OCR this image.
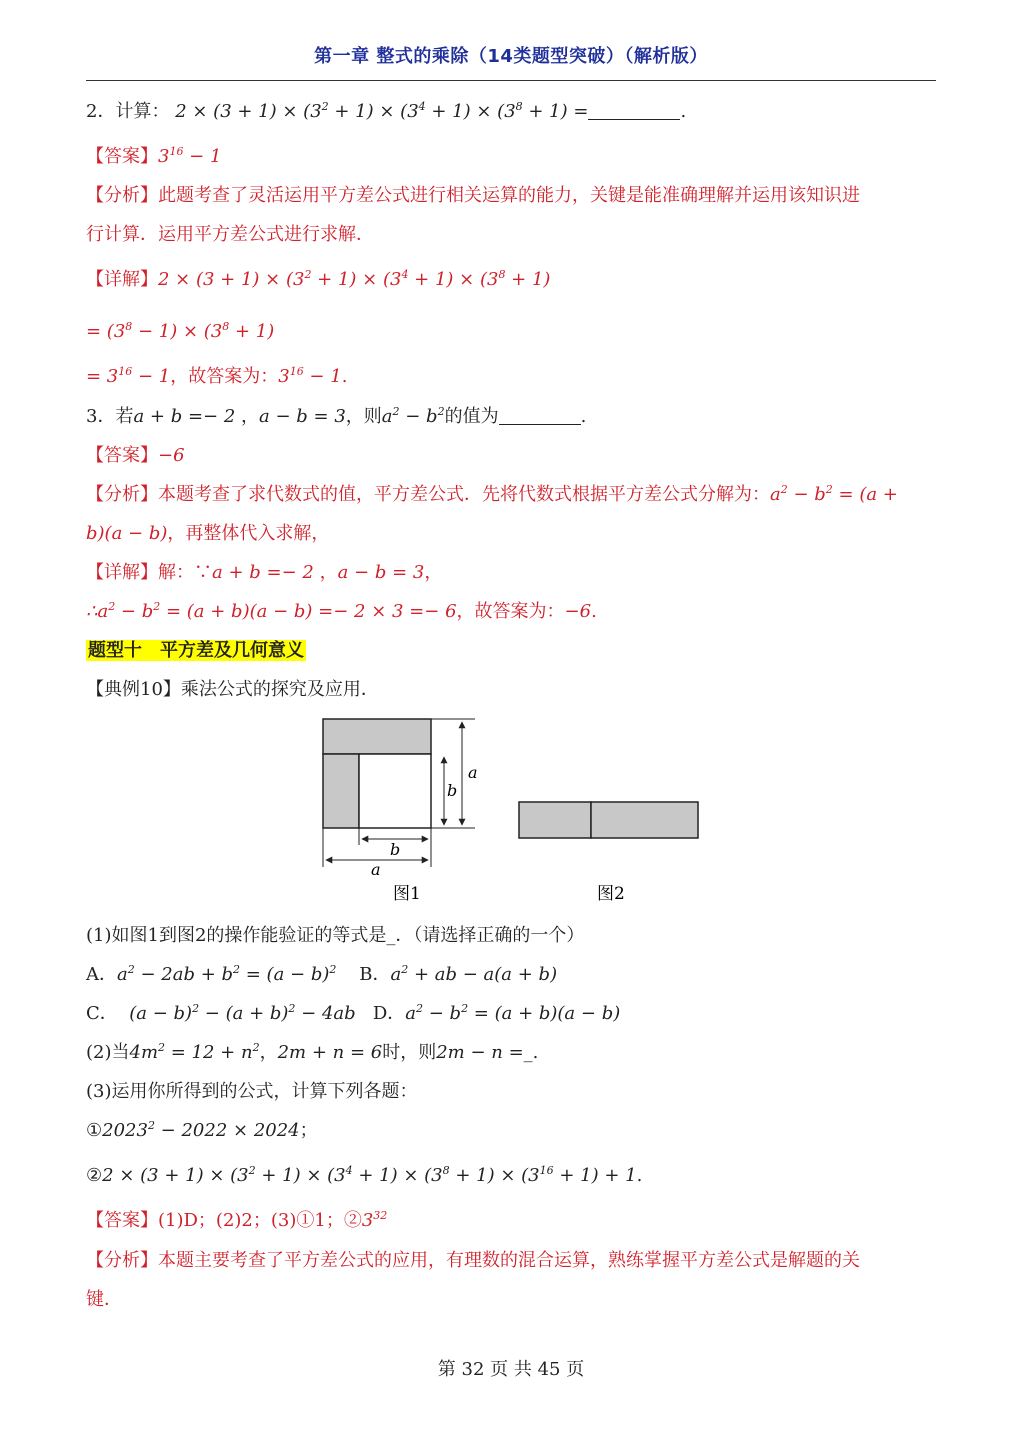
第一章 整式的乘除（14类题型突破）（解析版）
2．计算： $2 \times (3 + 1) \times (3^2 + 1) \times (3^4 + 1) \times (3^8 + 1)$ =	.
【答案】$3^{16} - 1$
【分析】此题考查了灵活运用平方差公式进行相关运算的能力，关键是能准确理解并运用该知识进
行计算．运用平方差公式进行求解．
【详解】$2 \times (3 + 1) \times (3^2 + 1) \times (3^4 + 1) \times (3^8 + 1)$
= $(3^8 - 1) \times (3^8 + 1)$
= $3^{16} - 1$，故答案为：$3^{16} - 1$.
3．若a + b =− 2 ，a − b = 3，则$a^2 - b^2$的值为	.
【答案】−6
【分析】本题考查了求代数式的值，平方差公式．先将代数式根据平方差公式分解为：$a^2 - b^2 = (a$ +
b)(a − b)，再整体代入求解，
【详解】解：∵a + b =− 2 ，a − b = 3，
$\therefore a^2 - b^2 = (a + b)(a - b) =- 2 \times 3 =- 6$，故答案为：−6.
题型十　平方差及几何意义
【典例10】乘法公式的探究及应用．
a
b
b
a
图1	图2
(1)如图1到图2的操作能验证的等式是_．（请选择正确的一个）
A．$a^2 - 2ab + b^2 = (a - b)^2$ B．$a^2$ + ab − a(a + b)
C． $(a - b)^2 - (a + b)^2 - 4ab$ D．$a^2 - b^2 = (a + b)(a - b)$
(2)当$4m^2 = 12 + n^2$，2m + n = 6时，则2m − n =_.
(3)运用你所得到的公式，计算下列各题：
$①2023^2 - 2022 \times 2024$；
②2 × $(3 + 1) \times (3^2 + 1) \times (3^4 + 1) \times (3^8 + 1) \times (3^{16} + 1) + 1$.
【答案】(1)D；(2)2；(3)①1；$②3^{32}$
【分析】本题主要考查了平方差公式的应用，有理数的混合运算，熟练掌握平方差公式是解题的关
键．
第 32 页 共 45 页
